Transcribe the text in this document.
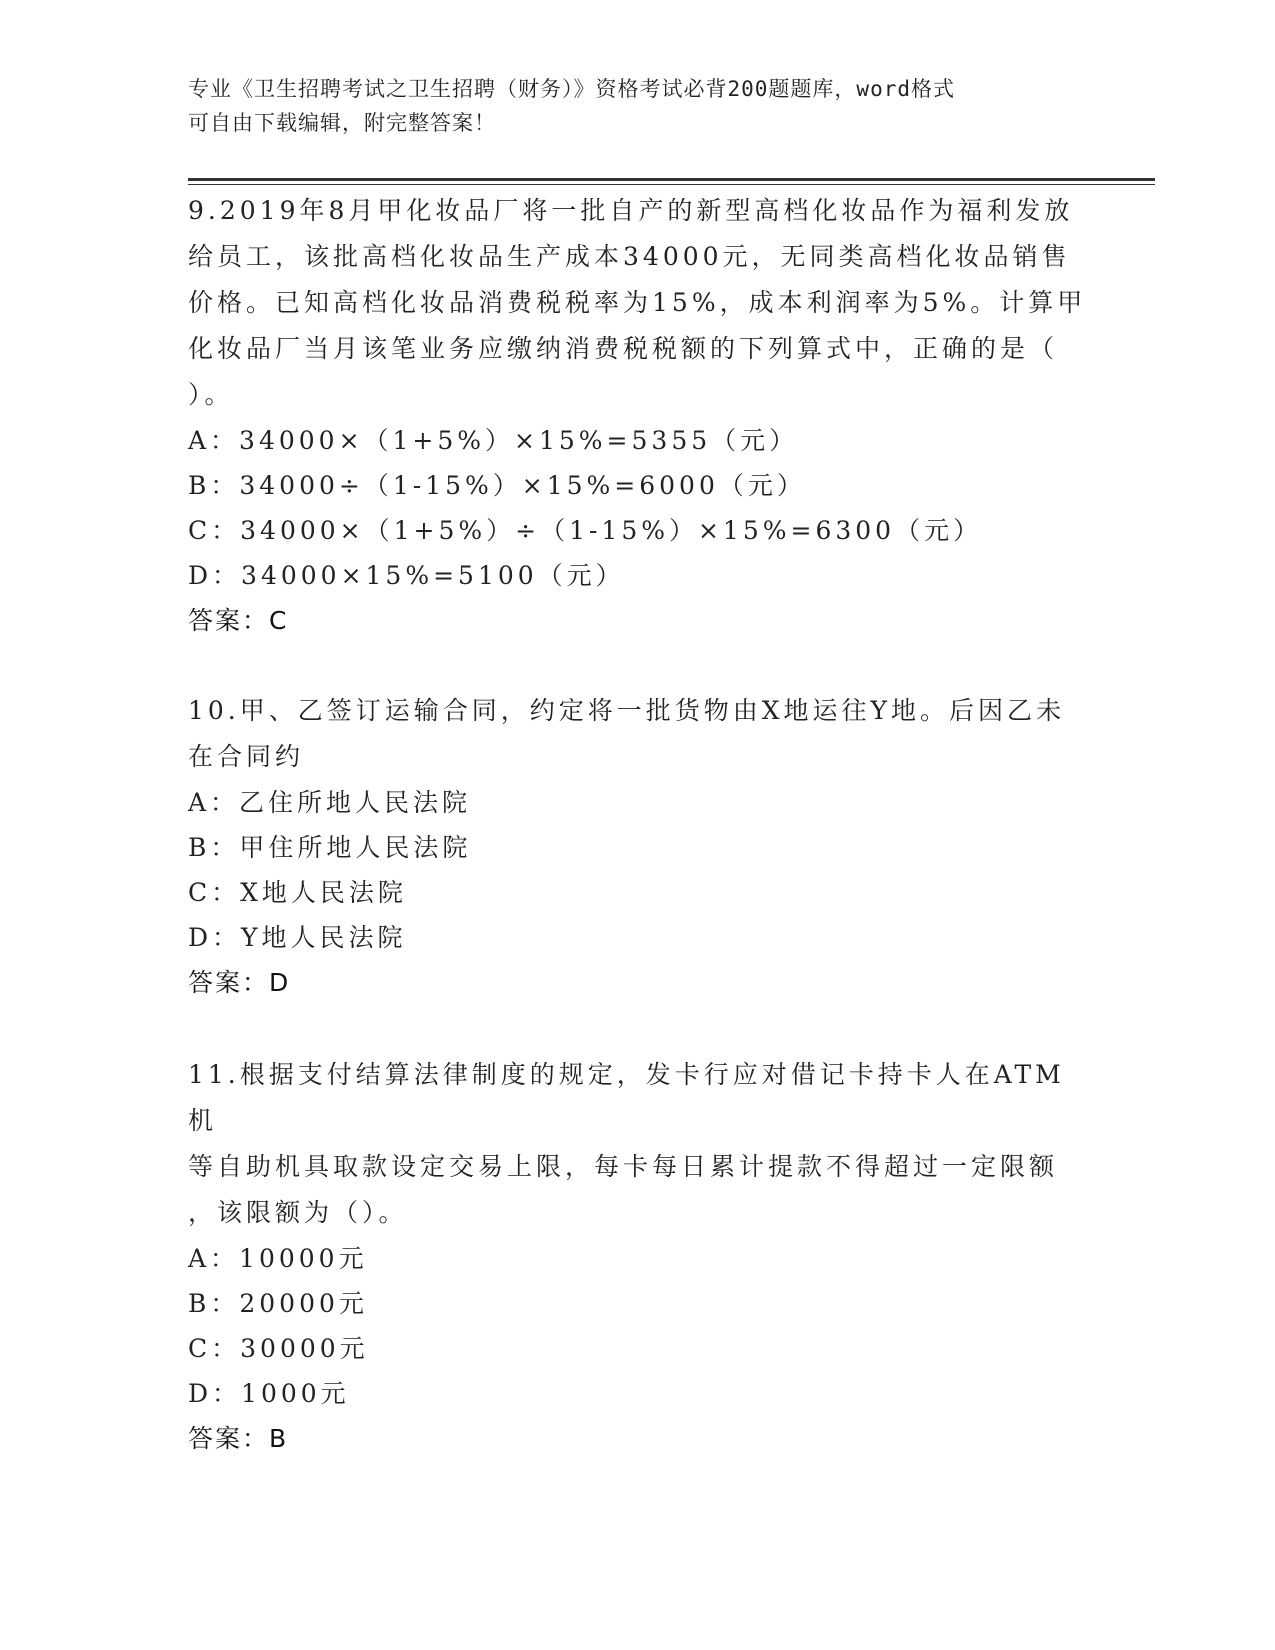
专业《卫生招聘考试之卫生招聘（财务）》资格考试必背200题题库，word格式
可自由下载编辑，附完整答案！

9.2019年8月甲化妆品厂将一批自产的新型高档化妆品作为福利发放

给员工，该批高档化妆品生产成本34000元，无同类高档化妆品销售

价格。已知高档化妆品消费税税率为15%，成本利润率为5%。计算甲

化妆品厂当月该笔业务应缴纳消费税税额的下列算式中，正确的是（

）。

A：34000×（1+5%）×15%=5355（元）

B：34000÷（1-15%）×15%=6000（元）

C：34000×（1+5%）÷（1-15%）×15%=6300（元）

D：34000×15%=5100（元）

答案：C

10.甲、乙签订运输合同，约定将一批货物由X地运往Y地。后因乙未

在合同约

A：乙住所地人民法院

B：甲住所地人民法院

C：X地人民法院

D：Y地人民法院

答案：D

11.根据支付结算法律制度的规定，发卡行应对借记卡持卡人在ATM机

等自助机具取款设定交易上限，每卡每日累计提款不得超过一定限额

，该限额为（）。

A：10000元

B：20000元

C：30000元

D：1000元

答案：B
